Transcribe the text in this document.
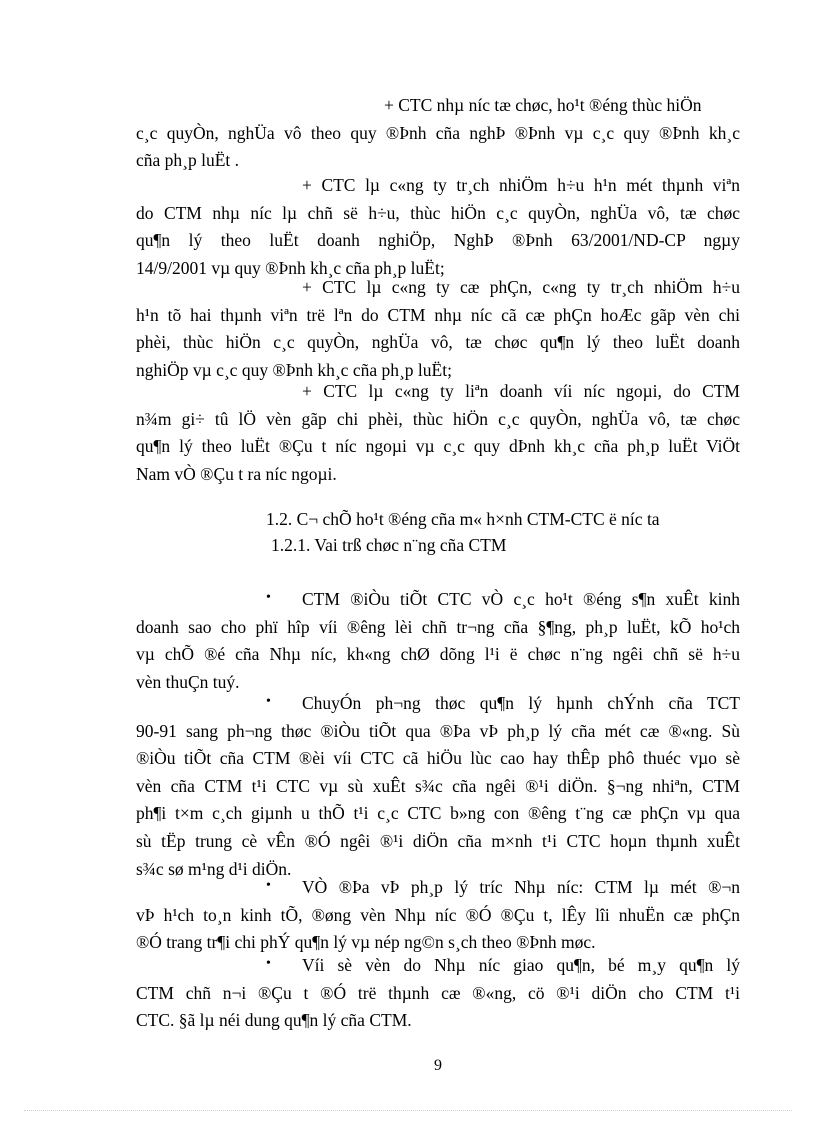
+ CTC nhµ níc tæ chøc, ho¹t ®éng thùc hiÖn
c¸c quyÒn, nghÜa vô theo quy ®Þnh cña nghÞ ®Þnh vµ c¸c quy ®Þnh kh¸c
cña ph¸p luËt .
+ CTC lµ c«ng ty tr¸ch nhiÖm h÷u h¹n mét thµnh viªn
do CTM nhµ níc lµ chñ së h÷u, thùc hiÖn c¸c quyÒn, nghÜa vô, tæ chøc
qu¶n lý theo luËt doanh nghiÖp, NghÞ ®Þnh 63/2001/ND-CP ngµy
14/9/2001 vµ quy ®Þnh kh¸c cña ph¸p luËt;
+ CTC lµ c«ng ty cæ phÇn, c«ng ty tr¸ch nhiÖm h÷u
h¹n tõ hai thµnh viªn trë lªn do CTM nhµ níc cã cæ phÇn hoÆc gãp vèn chi
phèi, thùc hiÖn c¸c quyÒn, nghÜa vô, tæ chøc qu¶n lý theo luËt doanh
nghiÖp vµ c¸c quy ®Þnh kh¸c cña ph¸p luËt;
+ CTC lµ c«ng ty liªn doanh víi níc ngoµi, do CTM
n¾m gi÷ tû lÖ vèn gãp chi phèi, thùc hiÖn c¸c quyÒn, nghÜa vô, tæ chøc
qu¶n lý theo luËt ®Çu t níc ngoµi vµ c¸c quy dÞnh kh¸c cña ph¸p luËt ViÖt
Nam vÒ ®Çu t ra níc ngoµi.
1.2. C¬ chÕ ho¹t ®éng cña m« h×nh CTM-CTC ë níc ta
1.2.1. Vai trß chøc n¨ng cña CTM
•	CTM ®iÒu tiÕt CTC vÒ c¸c ho¹t ®éng s¶n xuÊt kinh
doanh sao cho phï hîp víi ®êng lèi chñ tr¬ng cña §¶ng, ph¸p luËt, kÕ ho¹ch
vµ chÕ ®é cña Nhµ níc, kh«ng chØ dõng l¹i ë chøc n¨ng ngêi chñ së h÷u
vèn thuÇn tuý.
•	ChuyÓn ph¬ng thøc qu¶n lý hµnh chÝnh cña TCT
90-91 sang ph¬ng thøc ®iÒu tiÕt qua ®Þa vÞ ph¸p lý cña mét cæ ®«ng. Sù
®iÒu tiÕt cña CTM ®èi víi CTC cã hiÖu lùc cao hay thÊp phô thuéc vµo sè
vèn cña CTM t¹i CTC vµ sù xuÊt s¾c cña ngêi ®¹i diÖn. §¬ng nhiªn, CTM
ph¶i t×m c¸ch giµnh u thÕ t¹i c¸c CTC b»ng con ®êng t¨ng cæ phÇn vµ qua
sù tËp trung cè vÊn ®Ó ngêi ®¹i diÖn cña m×nh t¹i CTC hoµn thµnh xuÊt
s¾c sø m¹ng d¹i diÖn.
•	VÒ ®Þa vÞ ph¸p lý tríc Nhµ níc: CTM lµ mét ®¬n
vÞ h¹ch to¸n kinh tÕ, ®øng vèn Nhµ níc ®Ó ®Çu t, lÊy lîi nhuËn cæ phÇn
®Ó trang tr¶i chi phÝ qu¶n lý vµ nép ng©n s¸ch theo ®Þnh møc.
•	Víi sè vèn do Nhµ níc giao qu¶n, bé m¸y qu¶n lý
CTM chñ n¬i ®Çu t ®Ó trë thµnh cæ ®«ng, cö ®¹i diÖn cho CTM t¹i
CTC. §ã lµ néi dung qu¶n lý cña CTM.
9
